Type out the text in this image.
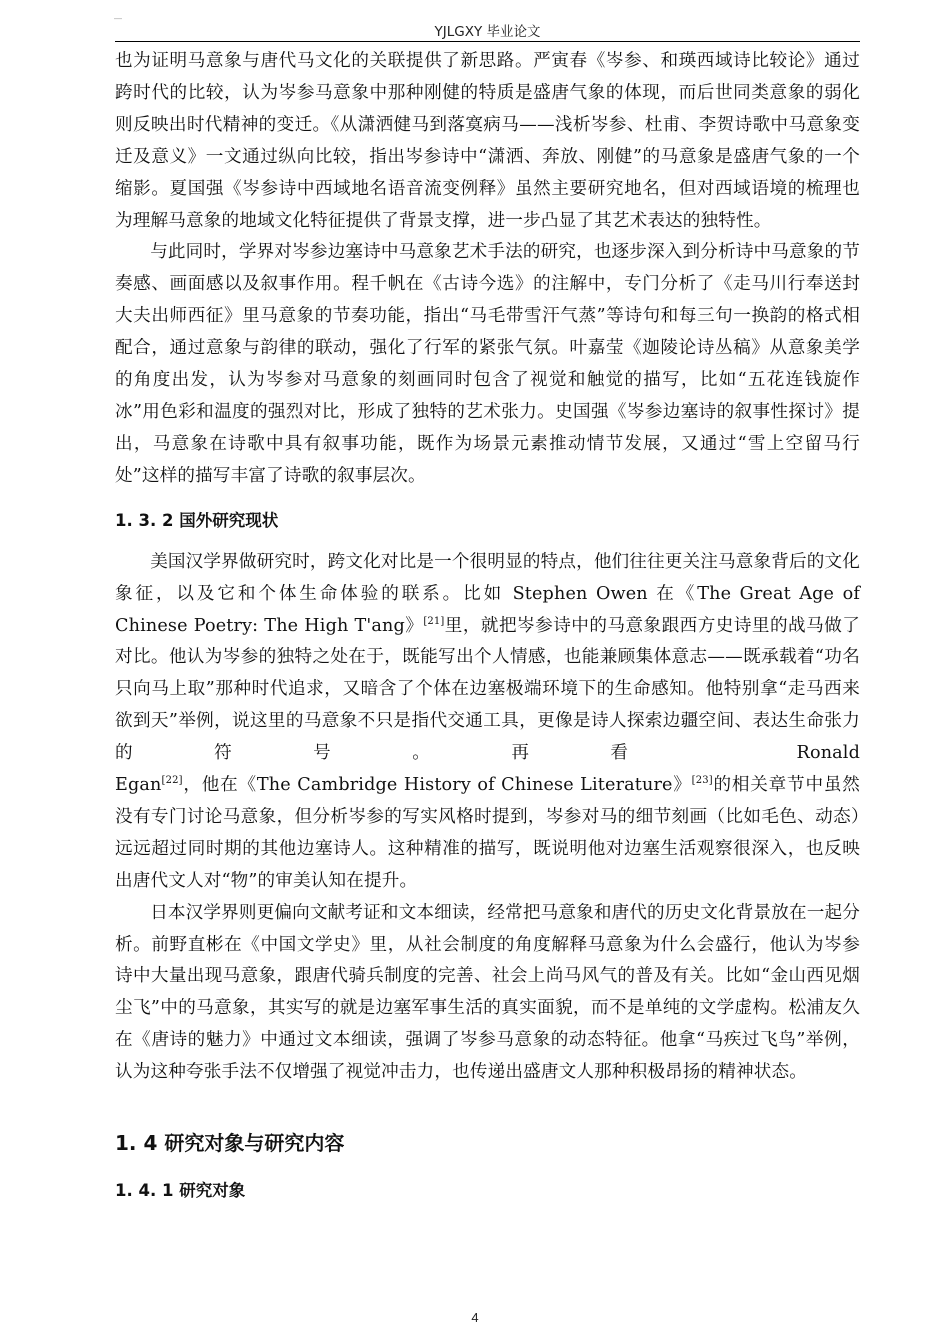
—
YJLGXY 毕业论文

也为证明马意象与唐代马文化的关联提供了新思路。严寅春《岑参、和瑛西域诗比较论》通过跨时代的比较，认为岑参马意象中那种刚健的特质是盛唐气象的体现，而后世同类意象的弱化则反映出时代精神的变迁。《从潇洒健马到落寞病马——浅析岑参、杜甫、李贺诗歌中马意象变迁及意义》一文通过纵向比较，指出岑参诗中“潇洒、奔放、刚健”的马意象是盛唐气象的一个缩影。夏国强《岑参诗中西域地名语音流变例释》虽然主要研究地名，但对西域语境的梳理也为理解马意象的地域文化特征提供了背景支撑，进一步凸显了其艺术表达的独特性。

与此同时，学界对岑参边塞诗中马意象艺术手法的研究，也逐步深入到分析诗中马意象的节奏感、画面感以及叙事作用。程千帆在《古诗今选》的注解中，专门分析了《走马川行奉送封大夫出师西征》里马意象的节奏功能，指出“马毛带雪汗气蒸”等诗句和每三句一换韵的格式相配合，通过意象与韵律的联动，强化了行军的紧张气氛。叶嘉莹《迦陵论诗丛稿》从意象美学的角度出发，认为岑参对马意象的刻画同时包含了视觉和触觉的描写，比如“五花连钱旋作冰”用色彩和温度的强烈对比，形成了独特的艺术张力。史国强《岑参边塞诗的叙事性探讨》提出，马意象在诗歌中具有叙事功能，既作为场景元素推动情节发展，又通过“雪上空留马行处”这样的描写丰富了诗歌的叙事层次。

1. 3. 2 国外研究现状

美国汉学界做研究时，跨文化对比是一个很明显的特点，他们往往更关注马意象背后的文化象征，以及它和个体生命体验的联系。比如 Stephen Owen 在《The Great Age of Chinese Poetry: The High T'ang》[21]里，就把岑参诗中的马意象跟西方史诗里的战马做了对比。他认为岑参的独特之处在于，既能写出个人情感，也能兼顾集体意志——既承载着“功名只向马上取”那种时代追求，又暗含了个体在边塞极端环境下的生命感知。他特别拿“走马西来欲到天”举例，说这里的马意象不只是指代交通工具，更像是诗人探索边疆空间、表达生命张力的符号。再看 Ronald Egan[22]，他在《The Cambridge History of Chinese Literature》[23]的相关章节中虽然没有专门讨论马意象，但分析岑参的写实风格时提到，岑参对马的细节刻画（比如毛色、动态）远远超过同时期的其他边塞诗人。这种精准的描写，既说明他对边塞生活观察很深入，也反映出唐代文人对“物”的审美认知在提升。

日本汉学界则更偏向文献考证和文本细读，经常把马意象和唐代的历史文化背景放在一起分析。前野直彬在《中国文学史》里，从社会制度的角度解释马意象为什么会盛行，他认为岑参诗中大量出现马意象，跟唐代骑兵制度的完善、社会上尚马风气的普及有关。比如“金山西见烟尘飞”中的马意象，其实写的就是边塞军事生活的真实面貌，而不是单纯的文学虚构。松浦友久在《唐诗的魅力》中通过文本细读，强调了岑参马意象的动态特征。他拿“马疾过飞鸟”举例，认为这种夸张手法不仅增强了视觉冲击力，也传递出盛唐文人那种积极昂扬的精神状态。

1. 4 研究对象与研究内容
1. 4. 1 研究对象
4
